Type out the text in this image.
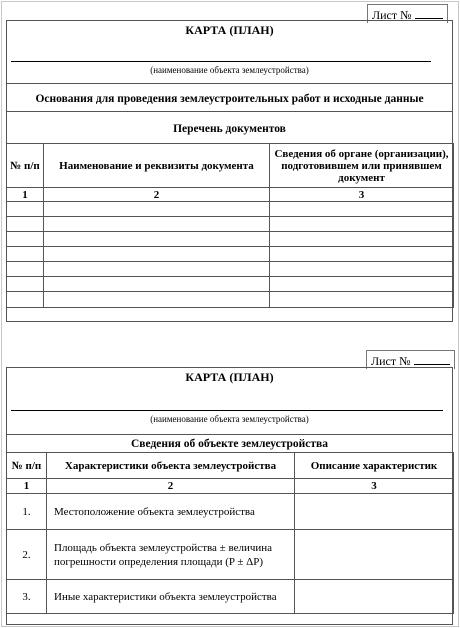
Лист №
КАРТА (ПЛАН)
(наименование объекта землеустройства)
Основания для проведения землеустроительных работ и исходные данные
Перечень документов
№ п/п	Наименование и реквизиты документа	Сведения об органе (организации), подготовившем или принявшем документ
1	2	3

Лист №
КАРТА (ПЛАН)
(наименование объекта землеустройства)
Сведения об объекте землеустройства
№ п/п	Характеристики объекта землеустройства	Описание характеристик
1	2	3
1.	Местоположение объекта землеустройства	
2.	Площадь объекта землеустройства ± величина погрешности определения площади (P ± ΔP)	
3.	Иные характеристики объекта землеустройства	
